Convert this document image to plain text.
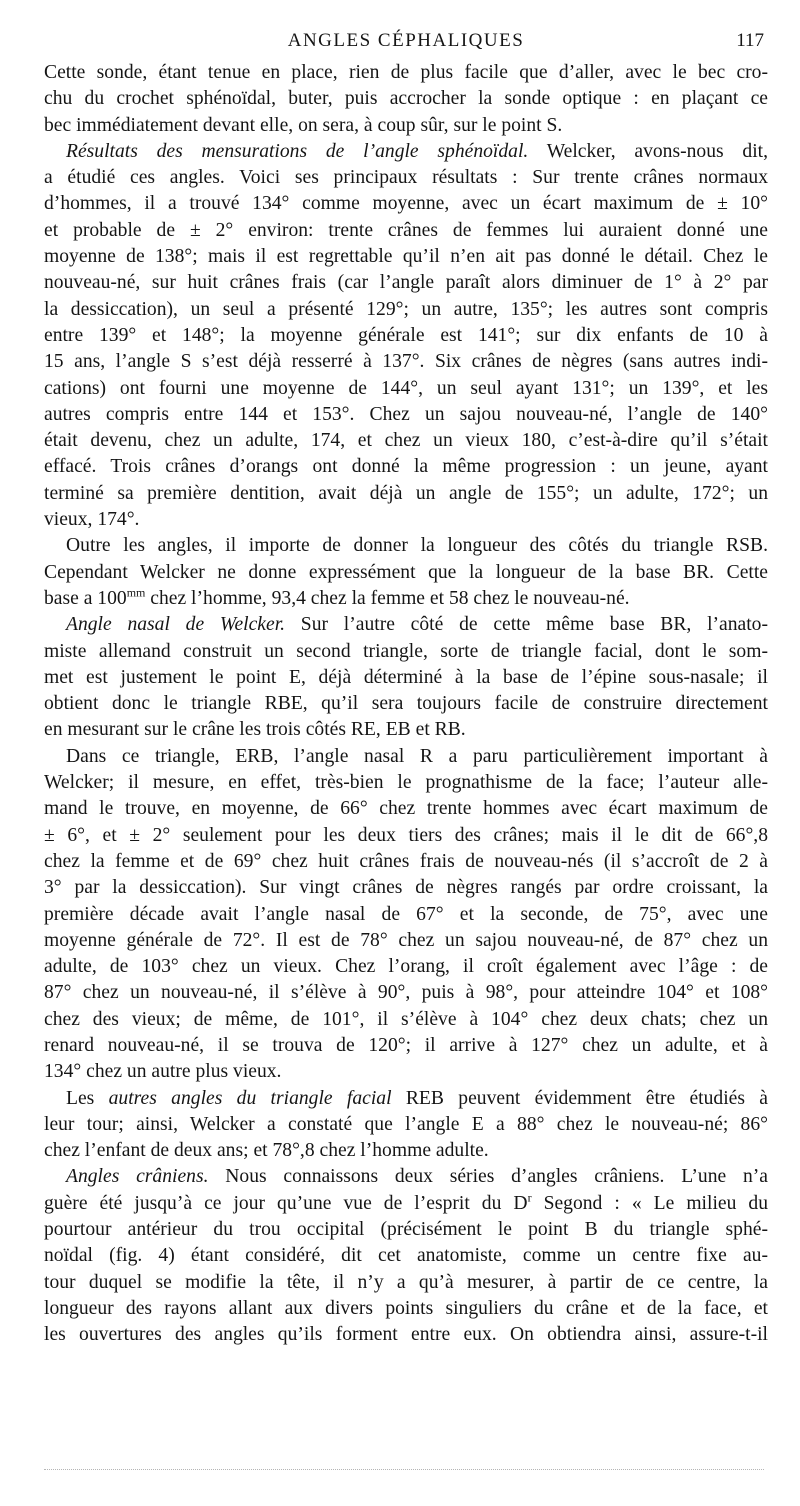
ANGLES CÉPHALIQUES	117

Cette sonde, étant tenue en place, rien de plus facile que d’aller, avec le bec cro-
chu du crochet sphénoïdal, buter, puis accrocher la sonde optique : en plaçant ce
bec immédiatement devant elle, on sera, à coup sûr, sur le point S.

Résultats des mensurations de l’angle sphénoïdal. Welcker, avons-nous dit,
a étudié ces angles. Voici ses principaux résultats : Sur trente crânes normaux
d’hommes, il a trouvé 134° comme moyenne, avec un écart maximum de ± 10°
et probable de ± 2° environ: trente crânes de femmes lui auraient donné une
moyenne de 138°; mais il est regrettable qu’il n’en ait pas donné le détail. Chez le
nouveau-né, sur huit crânes frais (car l’angle paraît alors diminuer de 1° à 2° par
la dessiccation), un seul a présenté 129°; un autre, 135°; les autres sont compris
entre 139° et 148°; la moyenne générale est 141°; sur dix enfants de 10 à
15 ans, l’angle S s’est déjà resserré à 137°. Six crânes de nègres (sans autres indi-
cations) ont fourni une moyenne de 144°, un seul ayant 131°; un 139°, et les
autres compris entre 144 et 153°. Chez un sajou nouveau-né, l’angle de 140°
était devenu, chez un adulte, 174, et chez un vieux 180, c’est-à-dire qu’il s’était
effacé. Trois crânes d’orangs ont donné la même progression : un jeune, ayant
terminé sa première dentition, avait déjà un angle de 155°; un adulte, 172°; un
vieux, 174°.

Outre les angles, il importe de donner la longueur des côtés du triangle RSB.
Cependant Welcker ne donne expressément que la longueur de la base BR. Cette
base a $100^{mm}$ chez l’homme, 93,4 chez la femme et 58 chez le nouveau-né.

Angle nasal de Welcker. Sur l’autre côté de cette même base BR, l’anato-
miste allemand construit un second triangle, sorte de triangle facial, dont le som-
met est justement le point E, déjà déterminé à la base de l’épine sous-nasale; il
obtient donc le triangle RBE, qu’il sera toujours facile de construire directement
en mesurant sur le crâne les trois côtés RE, EB et RB.

Dans ce triangle, ERB, l’angle nasal R a paru particulièrement important à
Welcker; il mesure, en effet, très-bien le prognathisme de la face; l’auteur alle-
mand le trouve, en moyenne, de 66° chez trente hommes avec écart maximum de
± 6°, et ± 2° seulement pour les deux tiers des crânes; mais il le dit de 66°,8
chez la femme et de 69° chez huit crânes frais de nouveau-nés (il s’accroît de 2 à
3° par la dessiccation). Sur vingt crânes de nègres rangés par ordre croissant, la
première décade avait l’angle nasal de 67° et la seconde, de 75°, avec une
moyenne générale de 72°. Il est de 78° chez un sajou nouveau-né, de 87° chez un
adulte, de 103° chez un vieux. Chez l’orang, il croît également avec l’âge : de
87° chez un nouveau-né, il s’élève à 90°, puis à 98°, pour atteindre 104° et 108°
chez des vieux; de même, de 101°, il s’élève à 104° chez deux chats; chez un
renard nouveau-né, il se trouva de 120°; il arrive à 127° chez un adulte, et à
134° chez un autre plus vieux.

Les autres angles du triangle facial REB peuvent évidemment être étudiés à
leur tour; ainsi, Welcker a constaté que l’angle E a 88° chez le nouveau-né; 86°
chez l’enfant de deux ans; et 78°,8 chez l’homme adulte.

Angles crâniens. Nous connaissons deux séries d’angles crâniens. L’une n’a
guère été jusqu’à ce jour qu’une vue de l’esprit du $D^r$ Segond : « Le milieu du
pourtour antérieur du trou occipital (précisément le point B du triangle sphé-
noïdal (fig. 4) étant considéré, dit cet anatomiste, comme un centre fixe au-
tour duquel se modifie la tête, il n’y a qu’à mesurer, à partir de ce centre, la
longueur des rayons allant aux divers points singuliers du crâne et de la face, et
les ouvertures des angles qu’ils forment entre eux. On obtiendra ainsi, assure-t-il
